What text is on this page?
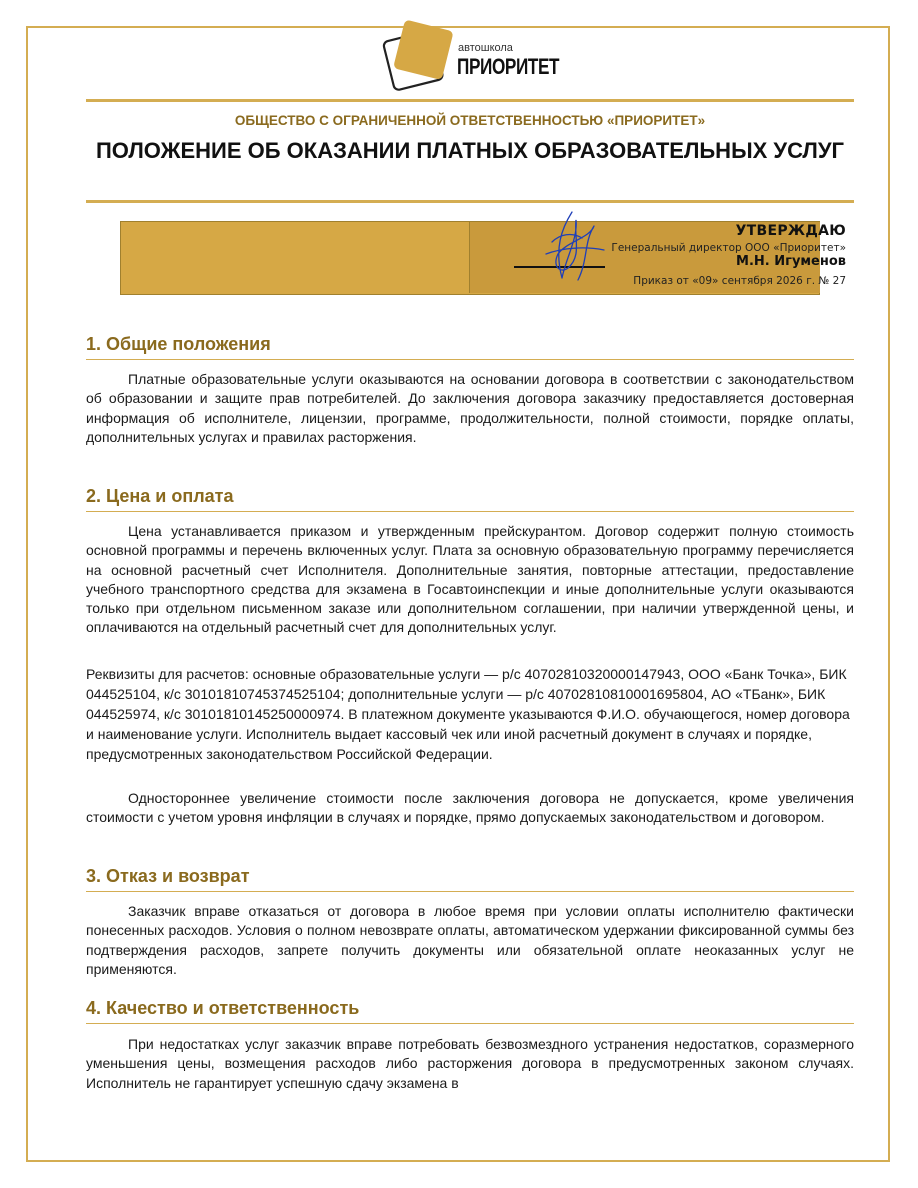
автошкола
ПРИОРИТЕТ
ОБЩЕСТВО С ОГРАНИЧЕННОЙ ОТВЕТСТВЕННОСТЬЮ «ПРИОРИТЕТ»
ПОЛОЖЕНИЕ ОБ ОКАЗАНИИ ПЛАТНЫХ ОБРАЗОВАТЕЛЬНЫХ УСЛУГ
УТВЕРЖДАЮ
Генеральный директор ООО «Приоритет»
М.Н. Игуменов
Приказ от «09» сентября 2026 г. № 27
1. Общие положения
Платные образовательные услуги оказываются на основании договора в соответствии с законодательством об образовании и защите прав потребителей. До заключения договора заказчику предоставляется достоверная информация об исполнителе, лицензии, программе, продолжительности, полной стоимости, порядке оплаты, дополнительных услугах и правилах расторжения.
2. Цена и оплата
Цена устанавливается приказом и утвержденным прейскурантом. Договор содержит полную стоимость основной программы и перечень включенных услуг. Плата за основную образовательную программу перечисляется на основной расчетный счет Исполнителя. Дополнительные занятия, повторные аттестации, предоставление учебного транспортного средства для экзамена в Госавтоинспекции и иные дополнительные услуги оказываются только при отдельном письменном заказе или дополнительном соглашении, при наличии утвержденной цены, и оплачиваются на отдельный расчетный счет для дополнительных услуг.
Реквизиты для расчетов: основные образовательные услуги — р/с 40702810320000147943, ООО «Банк Точка», БИК 044525104, к/с 30101810745374525104; дополнительные услуги — р/с 40702810810001695804, АО «ТБанк», БИК 044525974, к/с 30101810145250000974. В платежном документе указываются Ф.И.О. обучающегося, номер договора и наименование услуги. Исполнитель выдает кассовый чек или иной расчетный документ в случаях и порядке, предусмотренных законодательством Российской Федерации.
Одностороннее увеличение стоимости после заключения договора не допускается, кроме увеличения стоимости с учетом уровня инфляции в случаях и порядке, прямо допускаемых законодательством и договором.
3. Отказ и возврат
Заказчик вправе отказаться от договора в любое время при условии оплаты исполнителю фактически понесенных расходов. Условия о полном невозврате оплаты, автоматическом удержании фиксированной суммы без подтверждения расходов, запрете получить документы или обязательной оплате неоказанных услуг не применяются.
4. Качество и ответственность
При недостатках услуг заказчик вправе потребовать безвозмездного устранения недостатков, соразмерного уменьшения цены, возмещения расходов либо расторжения договора в предусмотренных законом случаях. Исполнитель не гарантирует успешную сдачу экзамена в
